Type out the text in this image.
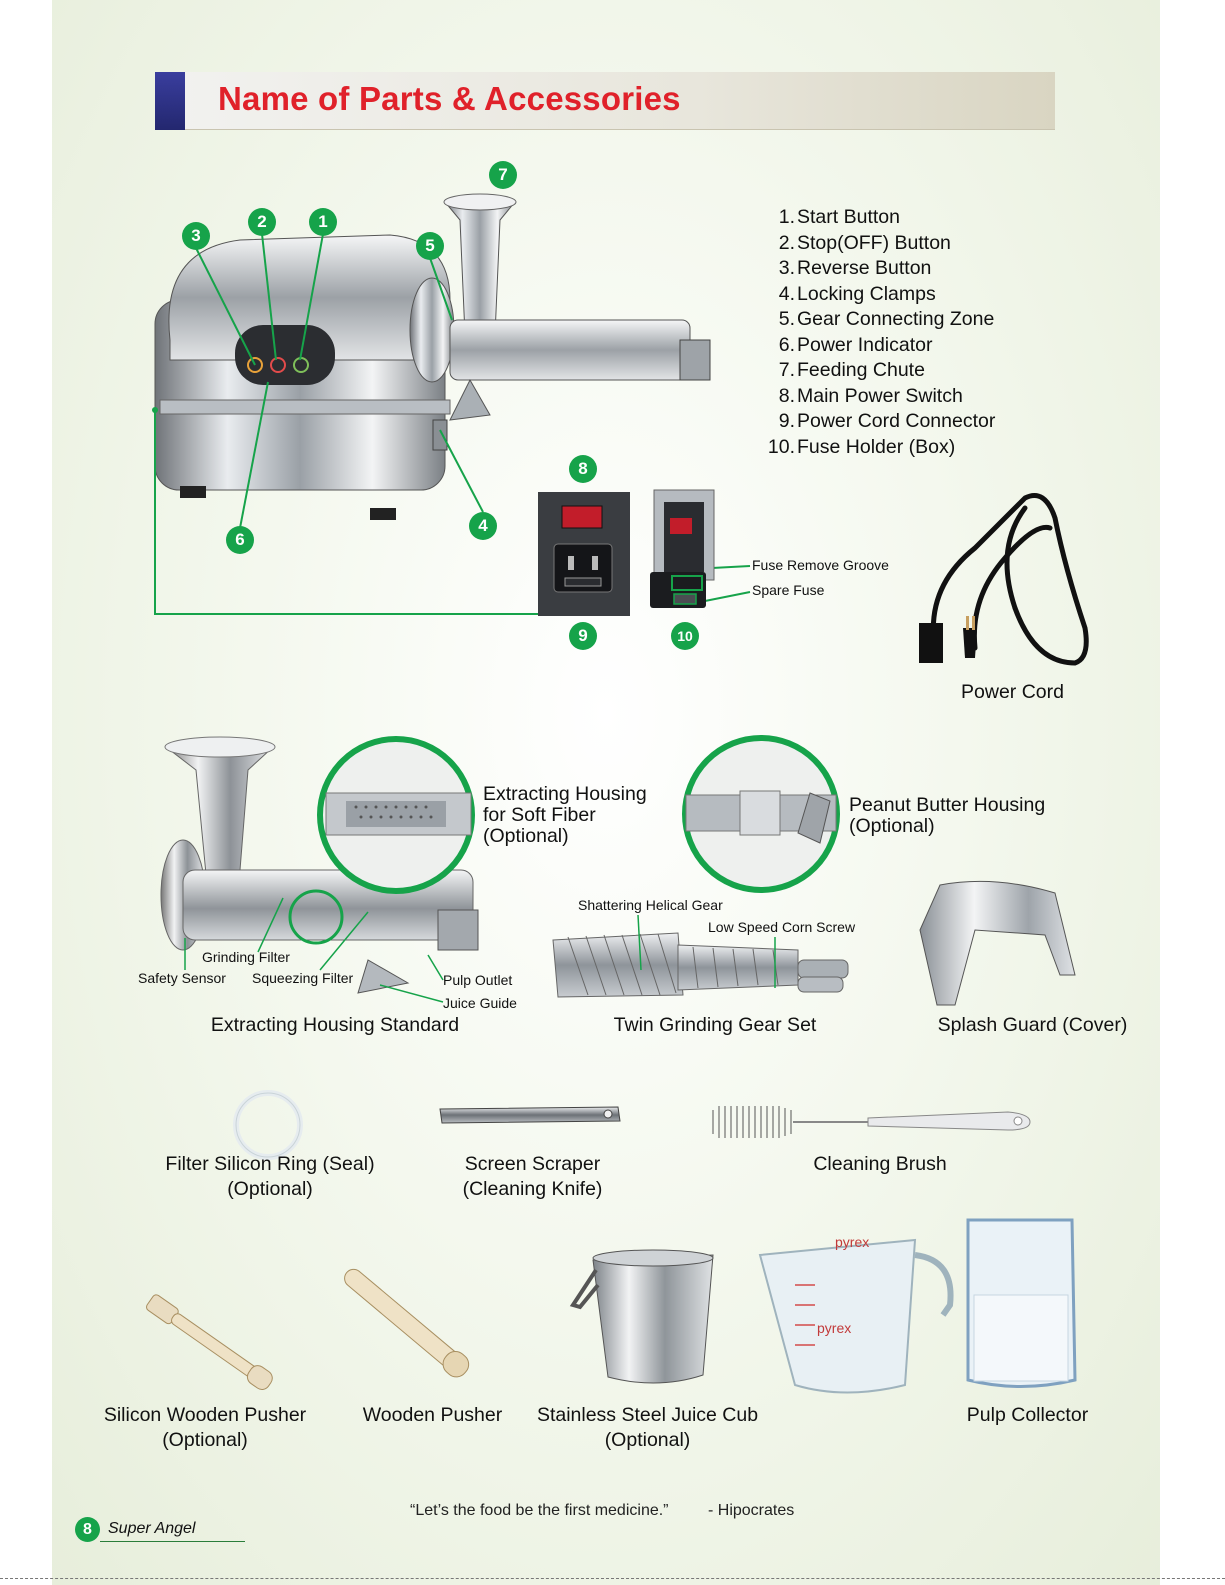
Name of Parts & Accessories
1
2
3
4
5
6
7
8
9	10
1. Start Button
2. Stop(OFF) Button
3. Reverse Button
4. Locking Clamps
5. Gear Connecting Zone
6. Power Indicator
7. Feeding Chute
8. Main Power Switch
9. Power Cord Connector
10. Fuse Holder (Box)
Fuse Remove Groove
Spare Fuse
Power Cord
Extracting Housing
for Soft Fiber
(Optional)
Peanut Butter Housing
(Optional)
Grinding Filter
Safety Sensor Squeezing Filter	Pulp Outlet
Juice Guide
Extracting Housing Standard
Shattering Helical Gear
Low Speed Corn Screw
Twin Grinding Gear Set	Splash Guard (Cover)
Filter Silicon Ring (Seal)
(Optional)
Screen Scraper
(Cleaning Knife)
Cleaning Brush
Silicon Wooden Pusher
(Optional)
Wooden Pusher	Stainless Steel Juice Cub
(Optional)
pyrex
pyrex
Pulp Collector
“Let’s the food be the first medicine.” - Hipocrates
8	Super Angel
